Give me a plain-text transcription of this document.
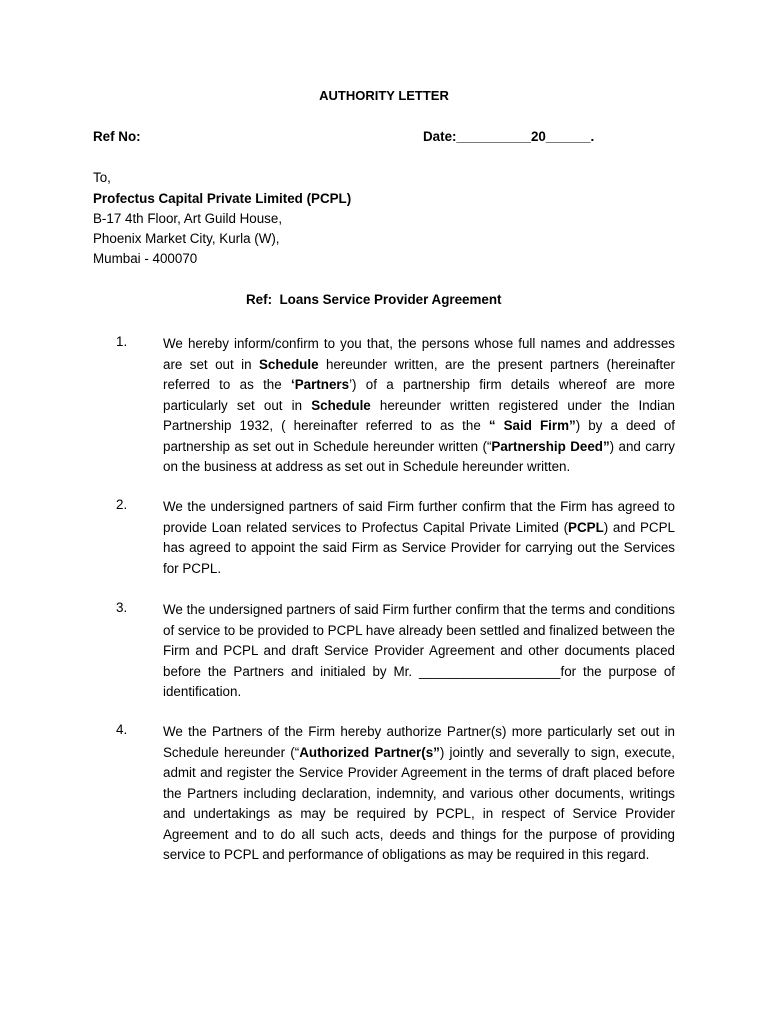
AUTHORITY LETTER
Ref No:	Date:__________20______.
To,
Profectus Capital Private Limited (PCPL)
B-17 4th Floor, Art Guild House,
Phoenix Market City, Kurla (W),
Mumbai - 400070
Ref:  Loans Service Provider Agreement
1.	We hereby inform/confirm to you that, the persons whose full names and addresses are set out in Schedule hereunder written, are the present partners (hereinafter referred to as the ‘Partners’) of a partnership firm details whereof are more particularly set out in Schedule hereunder written registered under the Indian Partnership 1932, ( hereinafter referred to as the “ Said Firm”) by a deed of partnership as set out in Schedule hereunder written (“Partnership Deed”) and carry on the business at address as set out in Schedule hereunder written.
2.	We the undersigned partners of said Firm further confirm that the Firm has agreed to provide Loan related services to Profectus Capital Private Limited (PCPL) and PCPL has agreed to appoint the said Firm as Service Provider for carrying out the Services for PCPL.
3.	We the undersigned partners of said Firm further confirm that the terms and conditions of service to be provided to PCPL have already been settled and finalized between the Firm and PCPL and draft Service Provider Agreement and other documents placed before the Partners and initialed by Mr. ___________________for the purpose of identification.
4.	We the Partners of the Firm hereby authorize Partner(s) more particularly set out in Schedule hereunder (“Authorized Partner(s”) jointly and severally to sign, execute, admit and register the Service Provider Agreement in the terms of draft placed before the Partners including declaration, indemnity, and various other documents, writings and undertakings as may be required by PCPL, in respect of Service Provider Agreement and to do all such acts, deeds and things for the purpose of providing service to PCPL and performance of obligations as may be required in this regard.
